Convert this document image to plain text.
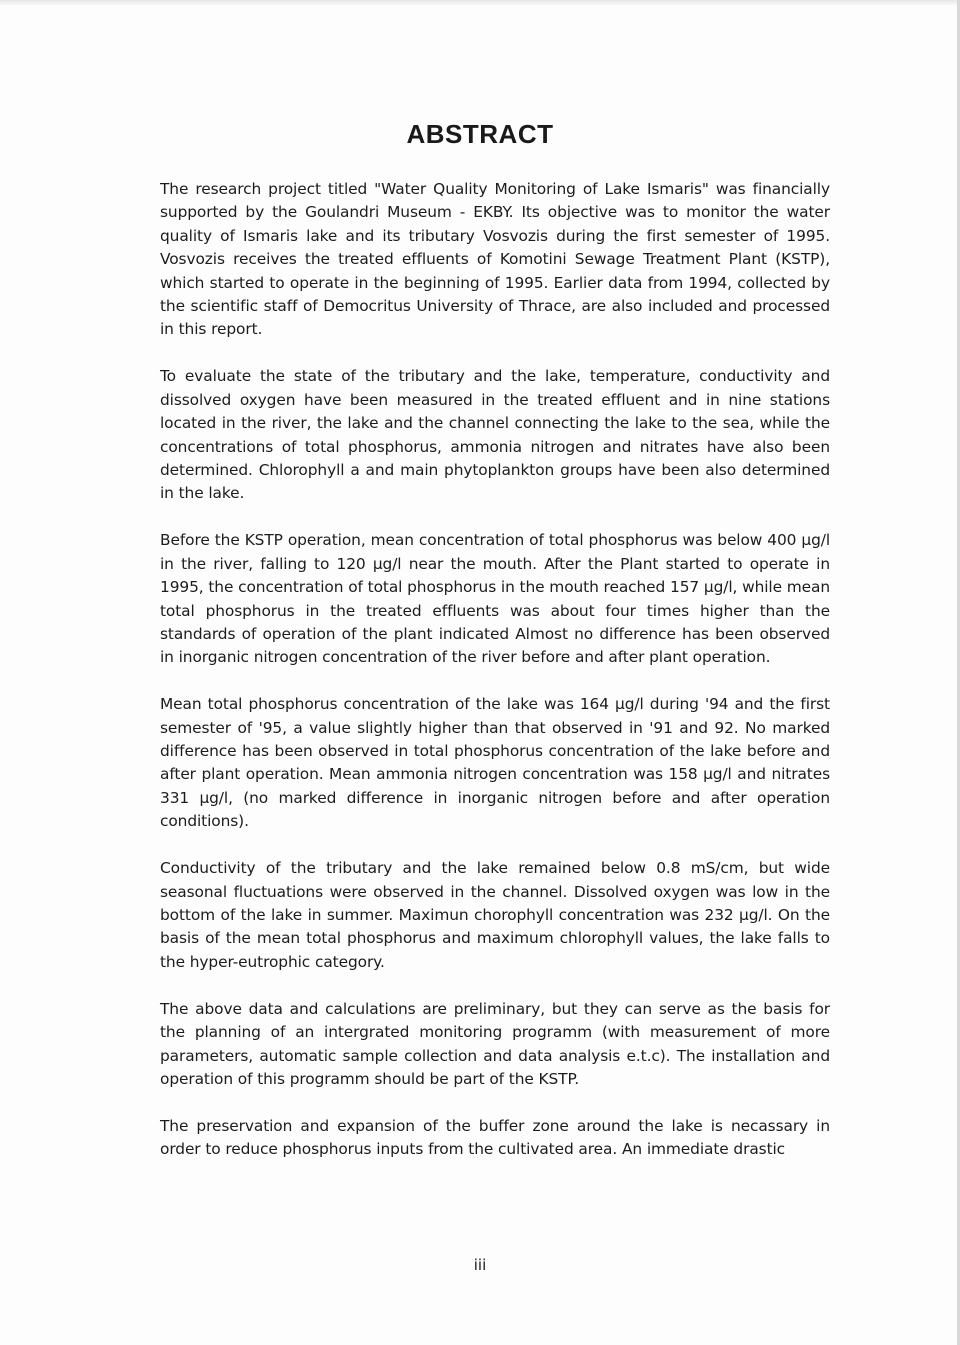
ABSTRACT

The research project titled "Water Quality Monitoring of Lake Ismaris" was financially supported by the Goulandri Museum - EKBY. Its objective was to monitor the water quality of Ismaris lake and its tributary Vosvozis during the first semester of 1995. Vosvozis receives the treated effluents of Komotini Sewage Treatment Plant (KSTP), which started to operate in the beginning of 1995. Earlier data from 1994, collected by the scientific staff of Democritus University of Thrace, are also included and processed in this report.

To evaluate the state of the tributary and the lake, temperature, conductivity and dissolved oxygen have been measured in the treated effluent and in nine stations located in the river, the lake and the channel connecting the lake to the sea, while the concentrations of total phosphorus, ammonia nitrogen and nitrates have also been determined. Chlorophyll a and main phytoplankton groups have been also determined in the lake.

Before the KSTP operation, mean concentration of total phosphorus was below 400 µg/l in the river, falling to 120 µg/l near the mouth. After the Plant started to operate in 1995, the concentration of total phosphorus in the mouth reached 157 µg/l, while mean total phosphorus in the treated effluents was about four times higher than the standards of operation of the plant indicated Almost no difference has been observed in inorganic nitrogen concentration of the river before and after plant operation.

Mean total phosphorus concentration of the lake was 164 µg/l during '94 and the first semester of '95, a value slightly higher than that observed in '91 and 92. No marked difference has been observed in total phosphorus concentration of the lake before and after plant operation. Mean ammonia nitrogen concentration was 158 µg/l and nitrates 331 µg/l, (no marked difference in inorganic nitrogen before and after operation conditions).

Conductivity of the tributary and the lake remained below 0.8 mS/cm, but wide seasonal fluctuations were observed in the channel. Dissolved oxygen was low in the bottom of the lake in summer. Maximun chorophyll concentration was 232 µg/l. On the basis of the mean total phosphorus and maximum chlorophyll values, the lake falls to the hyper-eutrophic category.

The above data and calculations are preliminary, but they can serve as the basis for the planning of an intergrated monitoring programm (with measurement of more parameters, automatic sample collection and data analysis e.t.c). The installation and operation of this programm should be part of the KSTP.

The preservation and expansion of the buffer zone around the lake is necassary in order to reduce phosphorus inputs from the cultivated area. An immediate drastic

iii
